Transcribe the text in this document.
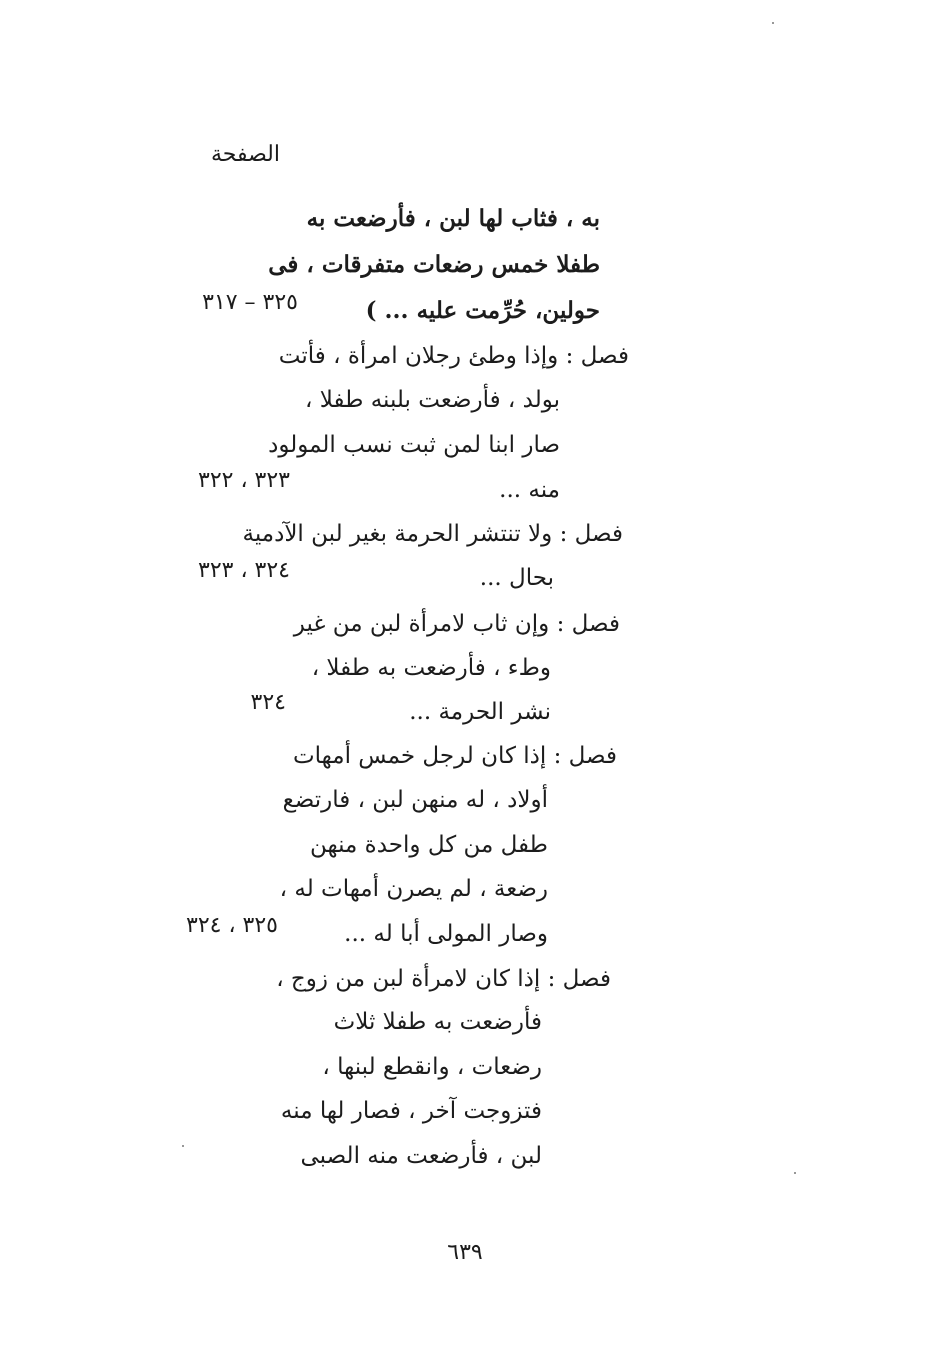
الصفحة
به ، فثاب لها لبن ، فأرضعت به
طفلا خمس رضعات متفرقات ، فى
حولين، حُرِّمت عليه ... )
٣٢٥ – ٣١٧
فصل : وإذا وطئ رجلان امرأة ، فأتت
بولد ، فأرضعت بلبنه طفلا ،
صار ابنا لمن ثبت نسب المولود
منه ...
٣٢٣ ، ٣٢٢
فصل : ولا تنتشر الحرمة بغير لبن الآدمية
بحال ...
٣٢٤ ، ٣٢٣
فصل : وإن ثاب لامرأة لبن من غير
وطء ، فأرضعت به طفلا ،
نشر الحرمة ...
٣٢٤
فصل : إذا كان لرجل خمس أمهات
أولاد ، له منهن لبن ، فارتضع
طفل من كل واحدة منهن
رضعة ، لم يصرن أمهات له ،
وصار المولى أبا له ...
٣٢٥ ، ٣٢٤
فصل : إذا كان لامرأة لبن من زوج ،
فأرضعت به طفلا ثلاث
رضعات ، وانقطع لبنها ،
فتزوجت آخر ، فصار لها منه
لبن ، فأرضعت منه الصبى
٦٣٩
